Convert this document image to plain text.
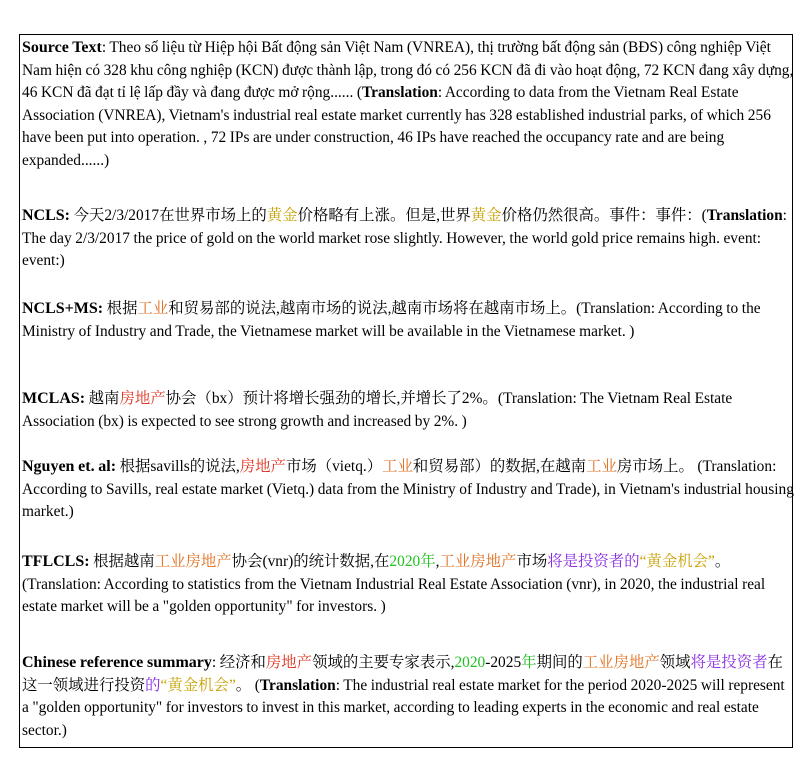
Source Text: Theo số liệu từ Hiệp hội Bất động sản Việt Nam (VNREA), thị trường bất động sản (BĐS) công nghiệp Việt Nam hiện có 328 khu công nghiệp (KCN) được thành lập, trong đó có 256 KCN đã đi vào hoạt động, 72 KCN đang xây dựng, 46 KCN đã đạt tỉ lệ lấp đầy và đang được mở rộng...... (Translation: According to data from the Vietnam Real Estate Association (VNREA), Vietnam's industrial real estate market currently has 328 established industrial parks, of which 256 have been put into operation. , 72 IPs are under construction, 46 IPs have reached the occupancy rate and are being expanded......)
NCLS: 今天2/3/2017在世界市场上的黄金价格略有上涨。但是,世界黄金价格仍然很高。事件：事件：(Translation: The day 2/3/2017 the price of gold on the world market rose slightly. However, the world gold price remains high. event: event:)
NCLS+MS: 根据工业和贸易部的说法,越南市场的说法,越南市场将在越南市场上。(Translation: According to the Ministry of Industry and Trade, the Vietnamese market will be available in the Vietnamese market. )
MCLAS: 越南房地产协会（bx）预计将增长强劲的增长,并增长了2%。(Translation: The Vietnam Real Estate Association (bx) is expected to see strong growth and increased by 2%. )
Nguyen et. al: 根据savills的说法,房地产市场（vietq.）工业和贸易部）的数据,在越南工业房市场上。 (Translation: According to Savills, real estate market (Vietq.) data from the Ministry of Industry and Trade), in Vietnam's industrial housing market.)
TFLCLS: 根据越南工业房地产协会(vnr)的统计数据,在2020年,工业房地产市场将是投资者的“黄金机会”。(Translation: According to statistics from the Vietnam Industrial Real Estate Association (vnr), in 2020, the industrial real estate market will be a "golden opportunity" for investors. )
Chinese reference summary: 经济和房地产领域的主要专家表示,2020-2025年期间的工业房地产领域将是投资者在这一领域进行投资的“黄金机会”。 (Translation: The industrial real estate market for the period 2020-2025 will represent a "golden opportunity" for investors to invest in this market, according to leading experts in the economic and real estate sector.)
